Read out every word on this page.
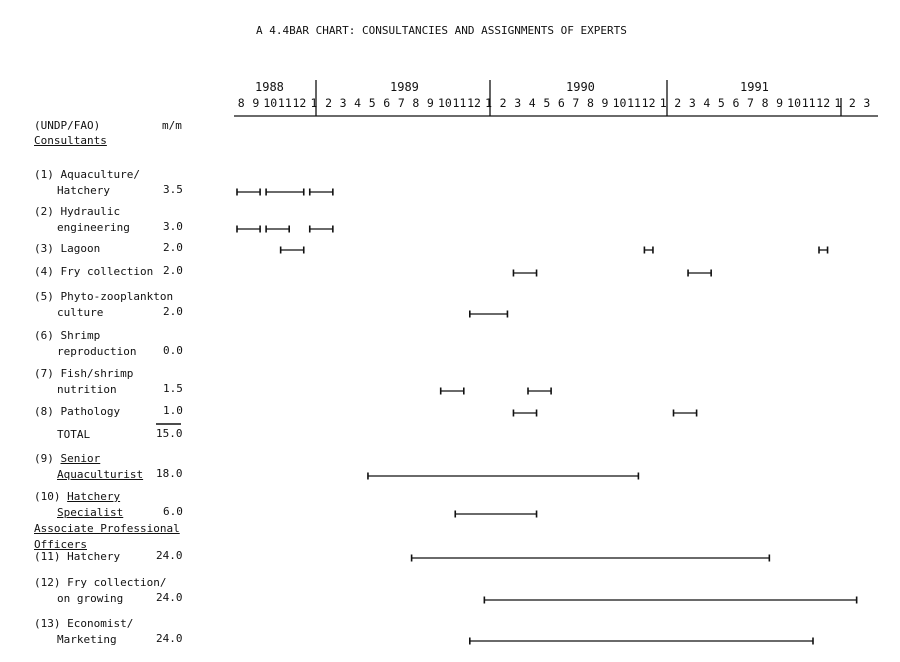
A 4.4BAR CHART: CONSULTANCIES AND ASSIGNMENTS OF EXPERTS
1988	1989	1990	1991
8 9 10 11 12 1 2 3 4 5 6 7 8 9 10 11 12 1 2 3 4 5 6 7 8 9 10 11 12 1 2 3 4 5 6 7 8 9 10 11 12 1 2 3
(UNDP/FAO)	m/m
Consultants
(1) Aquaculture/
Hatchery	3.5
(2) Hydraulic
engineering	3.0
(3) Lagoon	2.0
(4) Fry collection 2.0
(5) Phyto-zooplankton
culture	2.0
(6) Shrimp
reproduction 0.0
(7) Fish/shrimp
nutrition	1.5
(8) Pathology	1.0
TOTAL	15.0
(9) Senior
Aquaculturist 18.0
(10) Hatchery
Specialist	6.0
Associate Professional
Officers
(11) Hatchery	24.0
(12) Fry collection/
on growing	24.0
(13) Economist/
Marketing	24.0
